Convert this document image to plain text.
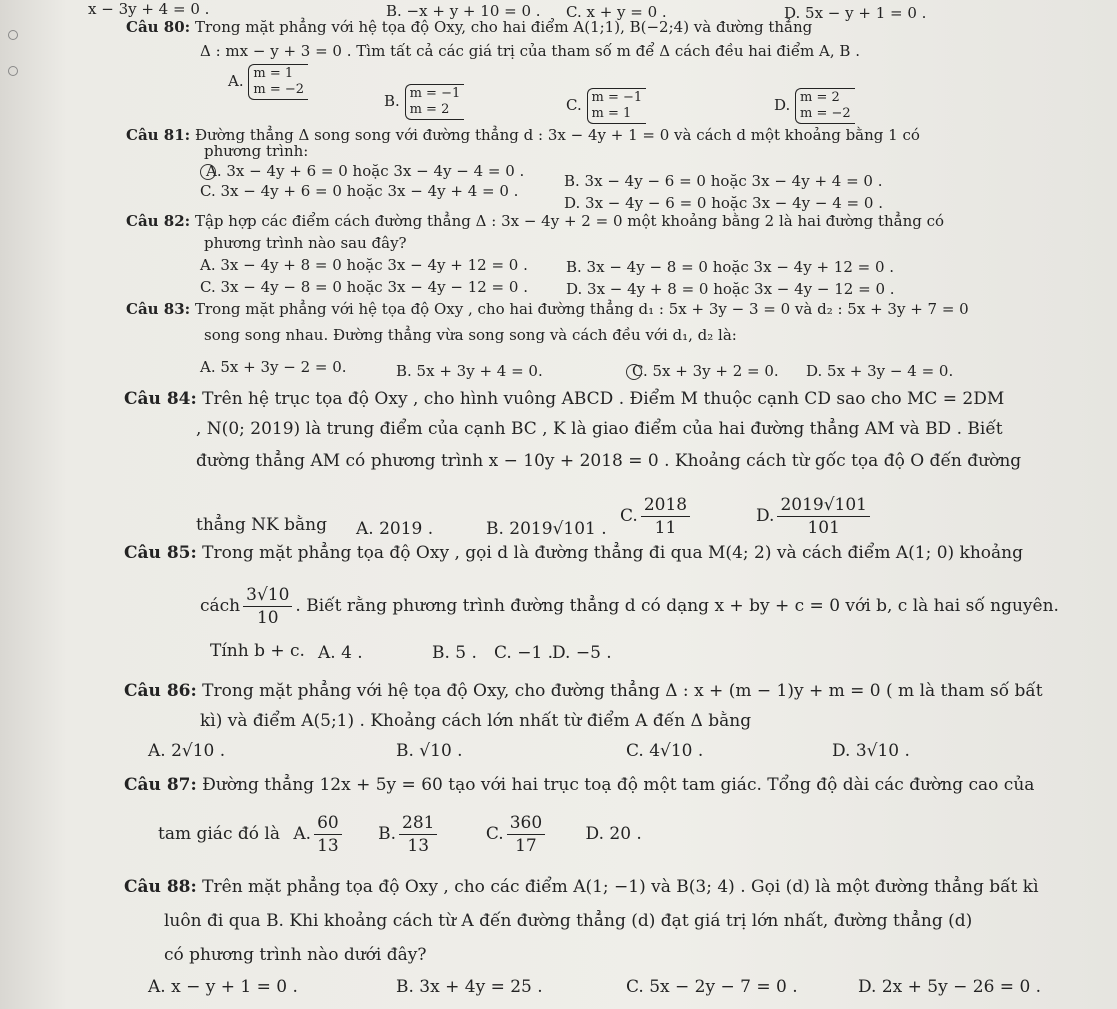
x − 3y + 4 = 0 .	B. −x + y + 10 = 0 . C. x + y = 0 .	D. 5x − y + 1 = 0 .
Câu 80: Trong mặt phẳng với hệ tọa độ Oxy, cho hai điểm A(1;1), B(−2;4) và đường thẳng
Δ : mx − y + 3 = 0 . Tìm tất cả các giá trị của tham số m để Δ cách đều hai điểm A, B .
A. m = 1
m = −2
B. m = −1
m = 2	C. m = −1
m = 1	D. m = 2
m = −2
Câu 81: Đường thẳng Δ song song với đường thẳng d : 3x − 4y + 1 = 0 và cách d một khoảng bằng 1 có
phương trình:
A. 3x − 4y + 6 = 0 hoặc 3x − 4y − 4 = 0 .
B. 3x − 4y − 6 = 0 hoặc 3x − 4y + 4 = 0 .
C. 3x − 4y + 6 = 0 hoặc 3x − 4y + 4 = 0 .
D. 3x − 4y − 6 = 0 hoặc 3x − 4y − 4 = 0 .
Câu 82: Tập hợp các điểm cách đường thẳng Δ : 3x − 4y + 2 = 0 một khoảng bằng 2 là hai đường thẳng có
phương trình nào sau đây?
A. 3x − 4y + 8 = 0 hoặc 3x − 4y + 12 = 0 .	B. 3x − 4y − 8 = 0 hoặc 3x − 4y + 12 = 0 .
C. 3x − 4y − 8 = 0 hoặc 3x − 4y − 12 = 0 .	D. 3x − 4y + 8 = 0 hoặc 3x − 4y − 12 = 0 .
Câu 83: Trong mặt phẳng với hệ tọa độ Oxy , cho hai đường thẳng d₁ : 5x + 3y − 3 = 0 và d₂ : 5x + 3y + 7 = 0
song song nhau. Đường thẳng vừa song song và cách đều với d₁, d₂ là:
A. 5x + 3y − 2 = 0.	B. 5x + 3y + 4 = 0.	C. 5x + 3y + 2 = 0. D. 5x + 3y − 4 = 0.
Câu 84: Trên hệ trục tọa độ Oxy , cho hình vuông ABCD . Điểm M thuộc cạnh CD sao cho MC = 2DM
, N(0; 2019) là trung điểm của cạnh BC , K là giao điểm của hai đường thẳng AM và BD . Biết
đường thẳng AM có phương trình x − 10y + 2018 = 0 . Khoảng cách từ gốc tọa độ O đến đường
thẳng NK bằng A. 2019 .	B. 2019√101 .
C. $\frac{2018}{11}$	D. $\frac{2019√101}{101}$
Câu 85: Trong mặt phẳng tọa độ Oxy , gọi d là đường thẳng đi qua M(4; 2) và cách điểm A(1; 0) khoảng
cách $\frac{3√10}{10}$ . Biết rằng phương trình đường thẳng d có dạng x + by + c = 0 với b, c là hai số nguyên.
Tính b + c. A. 4 .	B. 5 . C. −1 .
D. −5 .
Câu 86: Trong mặt phẳng với hệ tọa độ Oxy, cho đường thẳng Δ : x + (m − 1)y + m = 0 ( m là tham số bất
kì) và điểm A(5;1) . Khoảng cách lớn nhất từ điểm A đến Δ bằng
A. 2√10 .	B. √10 .	C. 4√10 .	D. 3√10 .
Câu 87: Đường thẳng 12x + 5y = 60 tạo với hai trục toạ độ một tam giác. Tổng độ dài các đường cao của
tam giác đó là A. $\frac{60}{13} B$. $\frac{281}{13}$	C. $\frac{360}{17} D$. 20 .
Câu 88: Trên mặt phẳng tọa độ Oxy , cho các điểm A(1; −1) và B(3; 4) . Gọi (d) là một đường thẳng bất kì
luôn đi qua B. Khi khoảng cách từ A đến đường thẳng (d) đạt giá trị lớn nhất, đường thẳng (d)
có phương trình nào dưới đây?
A. x − y + 1 = 0 .	B. 3x + 4y = 25 .	C. 5x − 2y − 7 = 0 .	D. 2x + 5y − 26 = 0 .
